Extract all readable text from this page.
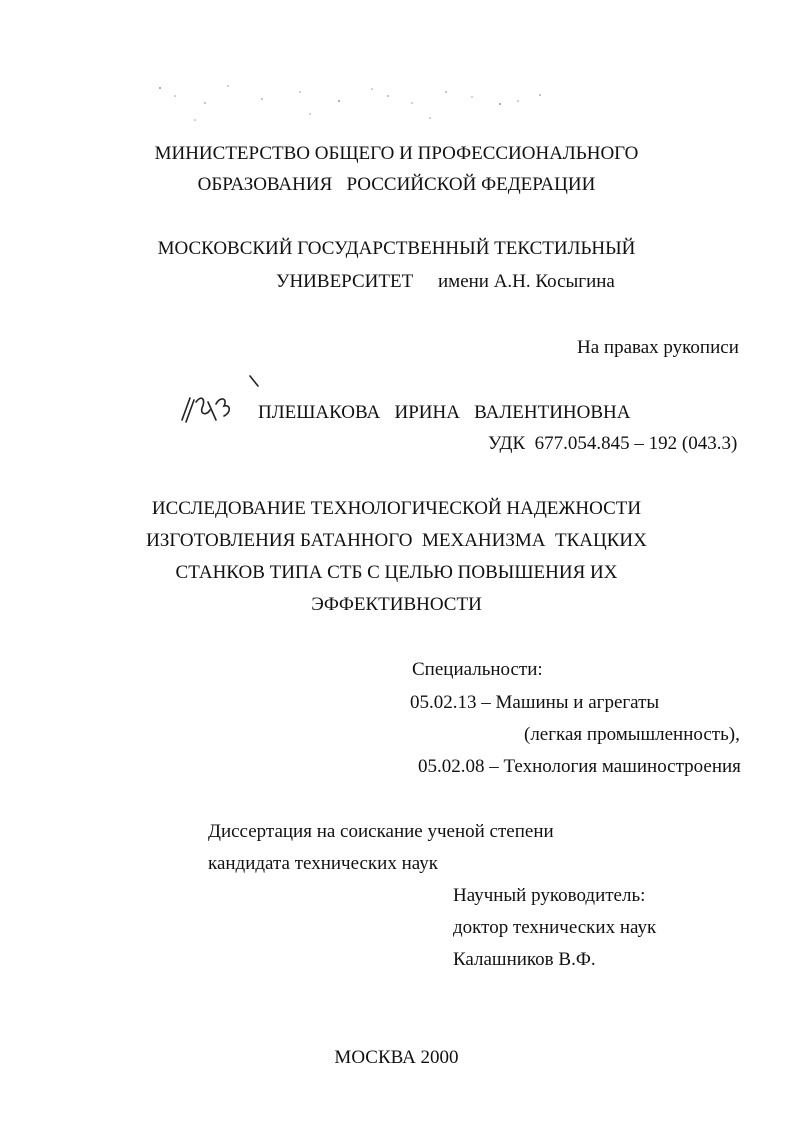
МИНИСТЕРСТВО ОБЩЕГО И ПРОФЕССИОНАЛЬНОГО
ОБРАЗОВАНИЯ   РОССИЙСКОЙ ФЕДЕРАЦИИ
МОСКОВСКИЙ ГОСУДАРСТВЕННЫЙ ТЕКСТИЛЬНЫЙ
УНИВЕРСИТЕТ имени А.Н. Косыгина
На правах рукописи
ПЛЕШАКОВА   ИРИНА   ВАЛЕНТИНОВНА
УДК  677.054.845 – 192 (043.3)
ИССЛЕДОВАНИЕ ТЕХНОЛОГИЧЕСКОЙ НАДЕЖНОСТИ
ИЗГОТОВЛЕНИЯ БАТАННОГО  МЕХАНИЗМА  ТКАЦКИХ
СТАНКОВ ТИПА СТБ С ЦЕЛЬЮ ПОВЫШЕНИЯ ИХ
ЭФФЕКТИВНОСТИ
Специальности:
05.02.13 – Машины и агрегаты
(легкая промышленность),
05.02.08 – Технология машиностроения
Диссертация на соискание ученой степени
кандидата технических наук
Научный руководитель:
доктор технических наук
Калашников В.Ф.
МОСКВА 2000
